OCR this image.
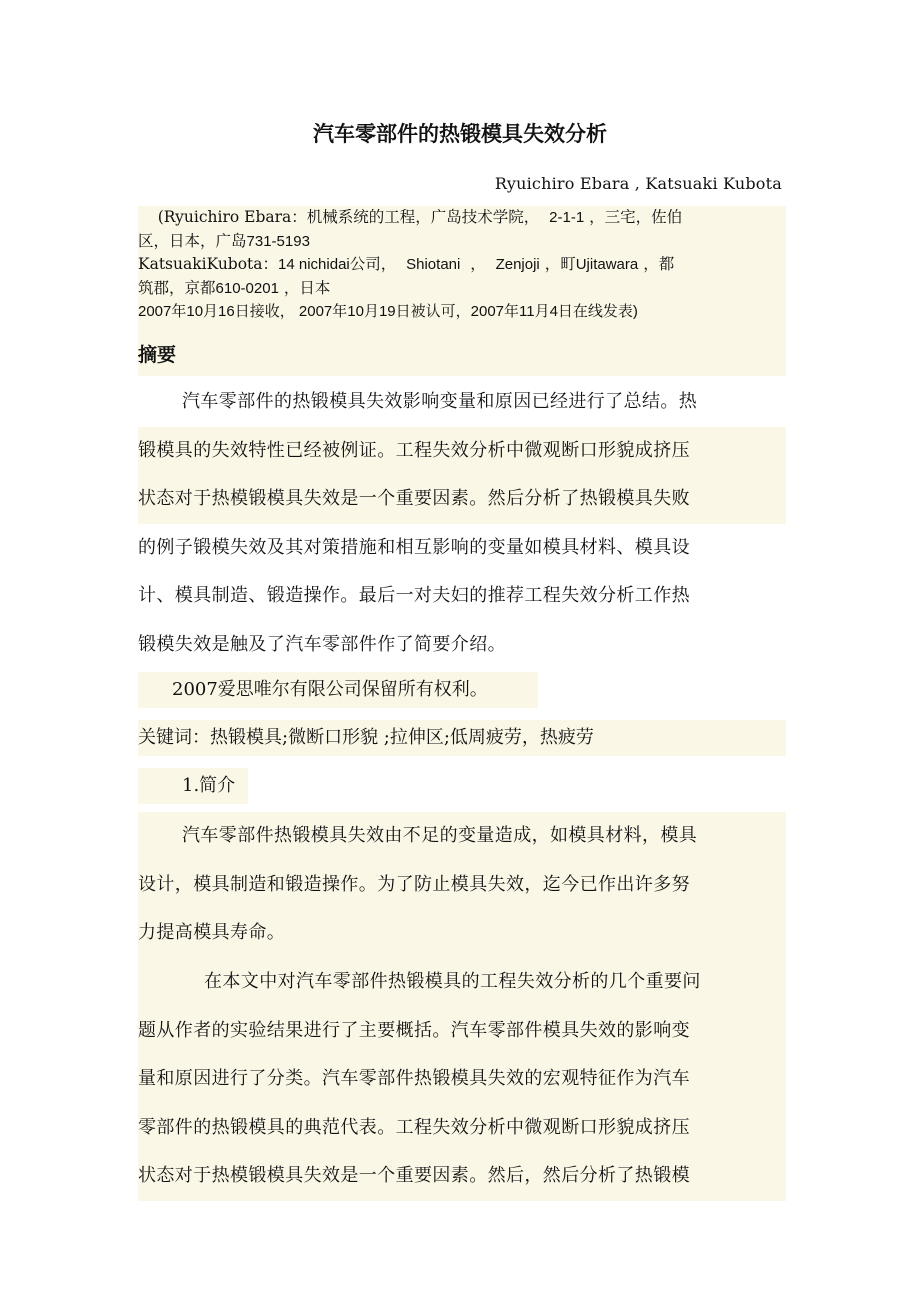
汽车零部件的热锻模具失效分析
Ryuichiro Ebara , Katsuaki Kubota

(Ryuichiro Ebara：机械系统的工程，广岛技术学院， 2-1-1 ，三宅，佐伯

区，日本，广岛731-5193

KatsuakiKubota：14 nichidai公司， Shiotani ， Zenjoji ，町Ujitawara ，都

筑郡，京都610-0201 ，日本

2007年10月16日接收， 2007年10月19日被认可，2007年11月4日在线发表)

摘要
汽车零部件的热锻模具失效影响变量和原因已经进行了总结。热
锻模具的失效特性已经被例证。工程失效分析中微观断口形貌成挤压
状态对于热模锻模具失效是一个重要因素。然后分析了热锻模具失败
的例子锻模失效及其对策措施和相互影响的变量如模具材料、模具设
计、模具制造、锻造操作。最后一对夫妇的推荐工程失效分析工作热
锻模失效是触及了汽车零部件作了简要介绍。
2007爱思唯尔有限公司保留所有权利。
关键词：热锻模具;微断口形貌 ;拉伸区;低周疲劳，热疲劳
1.简介
汽车零部件热锻模具失效由不足的变量造成，如模具材料，模具
设计，模具制造和锻造操作。为了防止模具失效，迄今已作出许多努
力提高模具寿命。
在本文中对汽车零部件热锻模具的工程失效分析的几个重要问
题从作者的实验结果进行了主要概括。汽车零部件模具失效的影响变
量和原因进行了分类。汽车零部件热锻模具失效的宏观特征作为汽车
零部件的热锻模具的典范代表。工程失效分析中微观断口形貌成挤压
状态对于热模锻模具失效是一个重要因素。然后，然后分析了热锻模
